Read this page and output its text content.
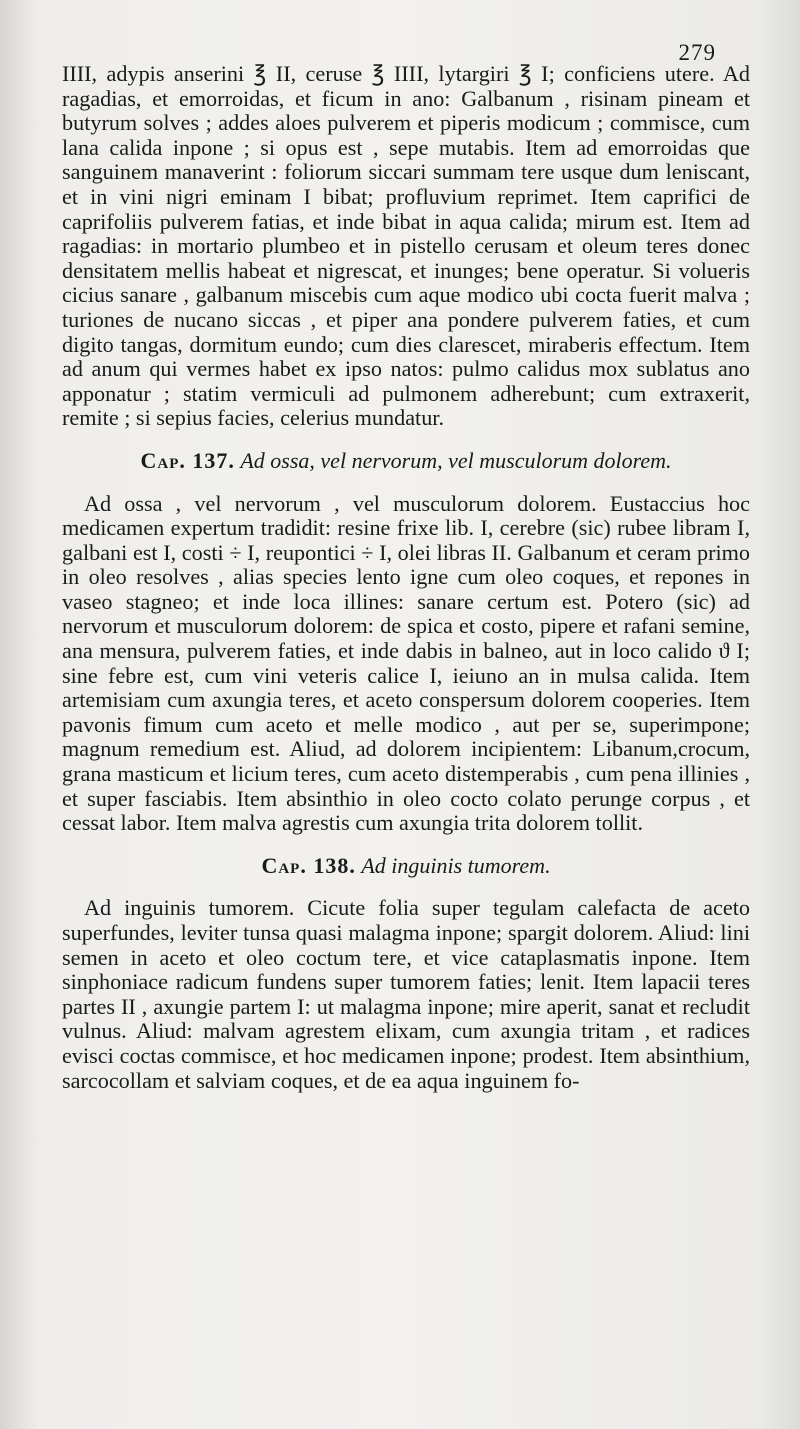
279

IIII, adypis anserini ℥ II, ceruse ℥ IIII, lytargiri ℥ I; conficiens utere. Ad ragadias, et emorroidas, et ficum in ano: Galbanum , risinam pineam et butyrum solves ; addes aloes pulverem et piperis modicum ; commisce, cum lana calida inpone ; si opus est , sepe mutabis. Item ad emorroidas que sanguinem manaverint : foliorum siccari summam tere usque dum leniscant, et in vini nigri eminam I bibat; profluvium reprimet. Item caprifici de caprifoliis pulverem fatias, et inde bibat in aqua calida; mirum est. Item ad ragadias: in mortario plumbeo et in pistello cerusam et oleum teres donec densitatem mellis habeat et nigrescat, et inunges; bene operatur. Si volueris cicius sanare , galbanum miscebis cum aque modico ubi cocta fuerit malva ; turiones de nucano siccas , et piper ana pondere pulverem faties, et cum digito tangas, dormitum eundo; cum dies clarescet, miraberis effectum. Item ad anum qui vermes habet ex ipso natos: pulmo calidus mox sublatus ano apponatur ; statim vermiculi ad pulmonem adherebunt; cum extraxerit, remite ; si sepius facies, celerius mundatur.

Cap. 137. Ad ossa, vel nervorum, vel musculorum dolorem.

Ad ossa , vel nervorum , vel musculorum dolorem. Eustaccius hoc medicamen expertum tradidit: resine frixe lib. I, cerebre (sic) rubee libram I, galbani est I, costi ÷ I, reupontici ÷ I, olei libras II. Galbanum et ceram primo in oleo resolves , alias species lento igne cum oleo coques, et repones in vaseo stagneo; et inde loca illines: sanare certum est. Potero (sic) ad nervorum et musculorum dolorem: de spica et costo, pipere et rafani semine, ana mensura, pulverem faties, et inde dabis in balneo, aut in loco calido ϑ I; sine febre est, cum vini veteris calice I, ieiuno an in mulsa calida. Item artemisiam cum axungia teres, et aceto conspersum dolorem cooperies. Item pavonis fimum cum aceto et melle modico , aut per se, superimpone; magnum remedium est. Aliud, ad dolorem incipientem: Libanum,crocum, grana masticum et licium teres, cum aceto distemperabis , cum pena illinies , et super fasciabis. Item absinthio in oleo cocto colato perunge corpus , et cessat labor. Item malva agrestis cum axungia trita dolorem tollit.

Cap. 138. Ad inguinis tumorem.

Ad inguinis tumorem. Cicute folia super tegulam calefacta de aceto superfundes, leviter tunsa quasi malagma inpone; spargit dolorem. Aliud: lini semen in aceto et oleo coctum tere, et vice cataplasmatis inpone. Item sinphoniace radicum fundens super tumorem faties; lenit. Item lapacii teres partes II , axungie partem I: ut malagma inpone; mire aperit, sanat et recludit vulnus. Aliud: malvam agrestem elixam, cum axungia tritam , et radices evisci coctas commisce, et hoc medicamen inpone; prodest. Item absinthium, sarcocollam et salviam coques, et de ea aqua inguinem fo-
